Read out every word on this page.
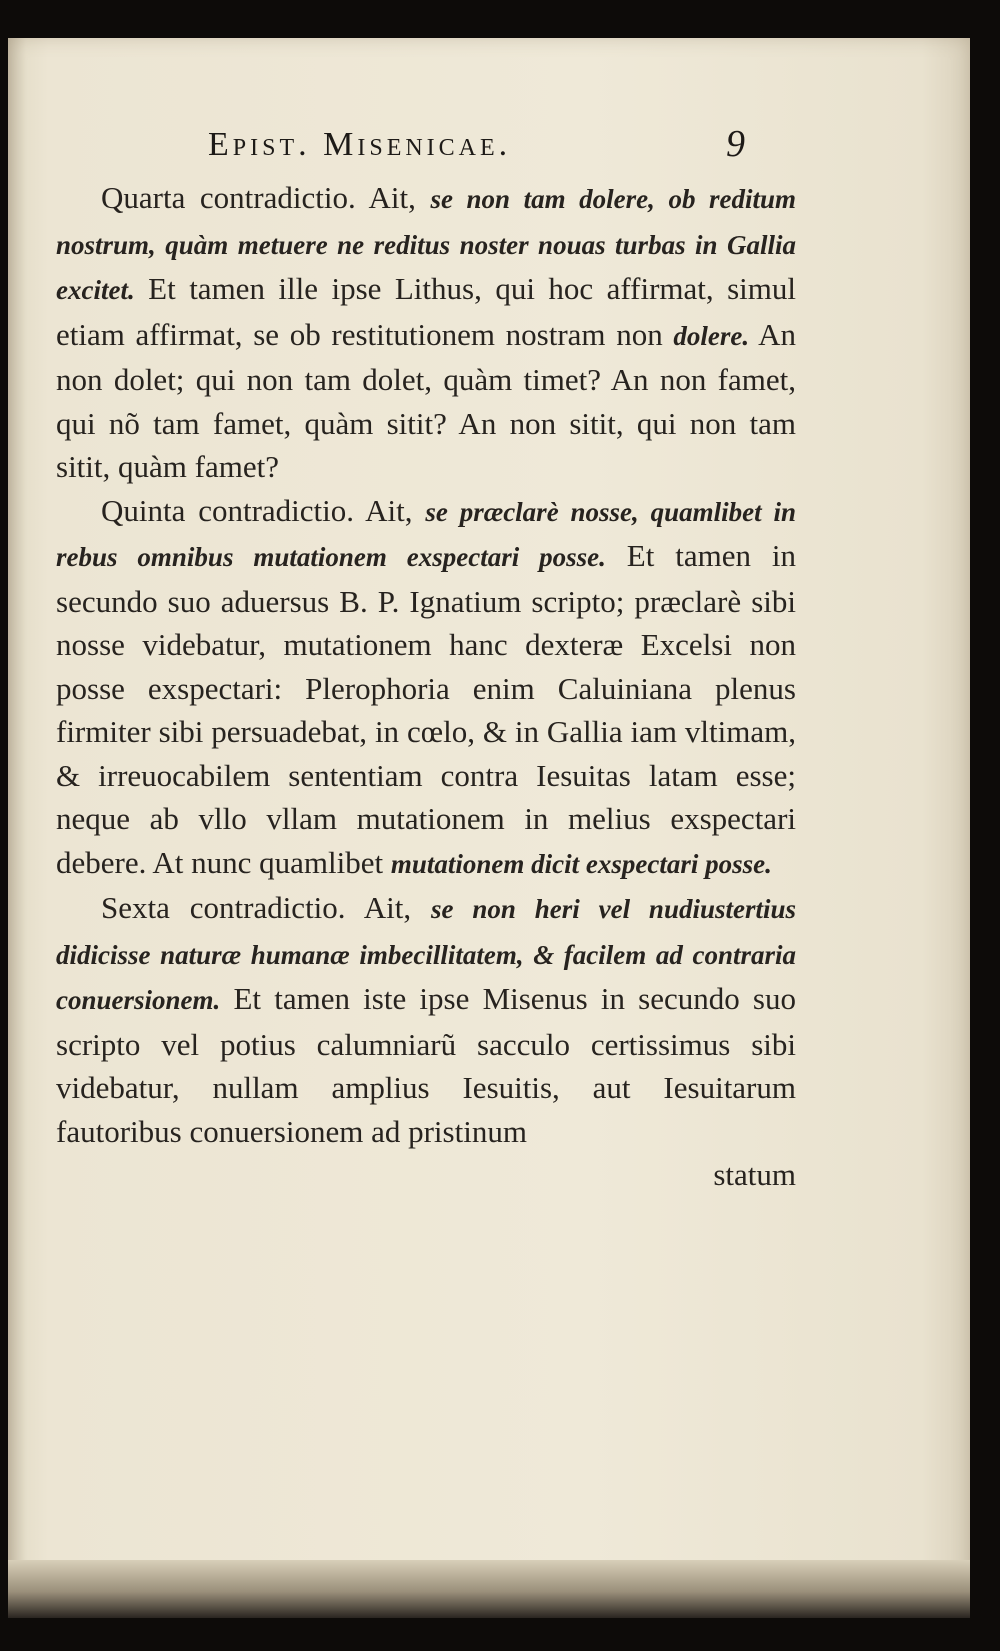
Epist. Misenicae.	9

Quarta contradictio. Ait, se non tam dolere, ob reditum nostrum, quàm metuere ne reditus noster nouas turbas in Gallia excitet. Et tamen ille ipse Lithus, qui hoc affirmat, simul etiam affirmat, se ob restitutionem nostram non dolere. An non dolet; qui non tam dolet, quàm timet? An non famet, qui nõ tam famet, quàm sitit? An non sitit, qui non tam sitit, quàm famet?

Quinta contradictio. Ait, se præclarè nosse, quamlibet in rebus omnibus mutationem exspectari posse. Et tamen in secundo suo aduersus B. P. Ignatium scripto; præclarè sibi nosse videbatur, mutationem hanc dexteræ Excelsi non posse exspectari: Plerophoria enim Caluiniana plenus firmiter sibi persuadebat, in cœlo, & in Gallia iam vltimam, & irreuocabilem sententiam contra Iesuitas latam esse; neque ab vllo vllam mutationem in melius exspectari debere. At nunc quamlibet mutationem dicit exspectari posse.

Sexta contradictio. Ait, se non heri vel nudiustertius didicisse naturæ humanæ imbecillitatem, & facilem ad contraria conuersionem. Et tamen iste ipse Misenus in secundo suo scripto vel potius calumniarũ sacculo certissimus sibi videbatur, nullam amplius Iesuitis, aut Iesuitarum fautoribus conuersionem ad pristinum

statum
